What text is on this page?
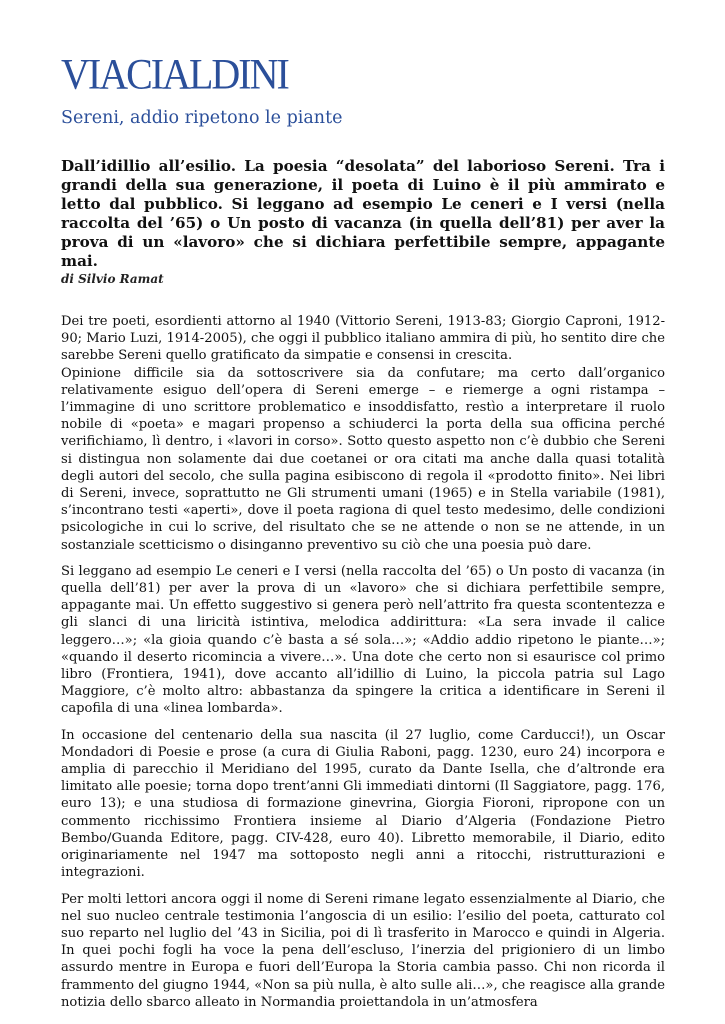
VIACIALDINI
Sereni, addio ripetono le piante

Dall’idillio all’esilio. La poesia “desolata” del laborioso Sereni. Tra i grandi della sua generazione, il poeta di Luino è il più ammirato e letto dal pubblico. Si leggano ad esempio Le ceneri e I versi (nella raccolta del ’65) o Un posto di vacanza (in quella dell’81) per aver la prova di un «lavoro» che si dichiara perfettibile sempre, appagante mai.

di Silvio Ramat

Dei tre poeti, esordienti attorno al 1940 (Vittorio Sereni, 1913-83; Giorgio Caproni, 1912-90; Mario Luzi, 1914-2005), che oggi il pubblico italiano ammira di più, ho sentito dire che sarebbe Sereni quello gratificato da simpatie e consensi in crescita.

Opinione difficile sia da sottoscrivere sia da confutare; ma certo dall’organico relativamente esiguo dell’opera di Sereni emerge – e riemerge a ogni ristampa – l’immagine di uno scrittore problematico e insoddisfatto, restìo a interpretare il ruolo nobile di «poeta» e magari propenso a schiuderci la porta della sua officina perché verifichiamo, lì dentro, i «lavori in corso». Sotto questo aspetto non c’è dubbio che Sereni si distingua non solamente dai due coetanei or ora citati ma anche dalla quasi totalità degli autori del secolo, che sulla pagina esibiscono di regola il «prodotto finito». Nei libri di Sereni, invece, soprattutto ne Gli strumenti umani (1965) e in Stella variabile (1981), s’incontrano testi «aperti», dove il poeta ragiona di quel testo medesimo, delle condizioni psicologiche in cui lo scrive, del risultato che se ne attende o non se ne attende, in un sostanziale scetticismo o disinganno preventivo su ciò che una poesia può dare.

Si leggano ad esempio Le ceneri e I versi (nella raccolta del ’65) o Un posto di vacanza (in quella dell’81) per aver la prova di un «lavoro» che si dichiara perfettibile sempre, appagante mai. Un effetto suggestivo si genera però nell’attrito fra questa scontentezza e gli slanci di una liricità istintiva, melodica addirittura: «La sera invade il calice leggero…»; «la gioia quando c’è basta a sé sola…»; «Addio addio ripetono le piante…»; «quando il deserto ricomincia a vivere…». Una dote che certo non si esaurisce col primo libro (Frontiera, 1941), dove accanto all’idillio di Luino, la piccola patria sul Lago Maggiore, c’è molto altro: abbastanza da spingere la critica a identificare in Sereni il capofila di una «linea lombarda».

In occasione del centenario della sua nascita (il 27 luglio, come Carducci!), un Oscar Mondadori di Poesie e prose (a cura di Giulia Raboni, pagg. 1230, euro 24) incorpora e amplia di parecchio il Meridiano del 1995, curato da Dante Isella, che d’altronde era limitato alle poesie; torna dopo trent’anni Gli immediati dintorni (Il Saggiatore, pagg. 176, euro 13); e una studiosa di formazione ginevrina, Giorgia Fioroni, ripropone con un commento ricchissimo Frontiera insieme al Diario d’Algeria (Fondazione Pietro Bembo/Guanda Editore, pagg. CIV-428, euro 40). Libretto memorabile, il Diario, edito originariamente nel 1947 ma sottoposto negli anni a ritocchi, ristrutturazioni e integrazioni.

Per molti lettori ancora oggi il nome di Sereni rimane legato essenzialmente al Diario, che nel suo nucleo centrale testimonia l’angoscia di un esilio: l’esilio del poeta, catturato col suo reparto nel luglio del ’43 in Sicilia, poi di lì trasferito in Marocco e quindi in Algeria. In quei pochi fogli ha voce la pena dell’escluso, l’inerzia del prigioniero di un limbo assurdo mentre in Europa e fuori dell’Europa la Storia cambia passo. Chi non ricorda il frammento del giugno 1944, «Non sa più nulla, è alto sulle ali…», che reagisce alla grande notizia dello sbarco alleato in Normandia proiettandola in un’atmosfera
